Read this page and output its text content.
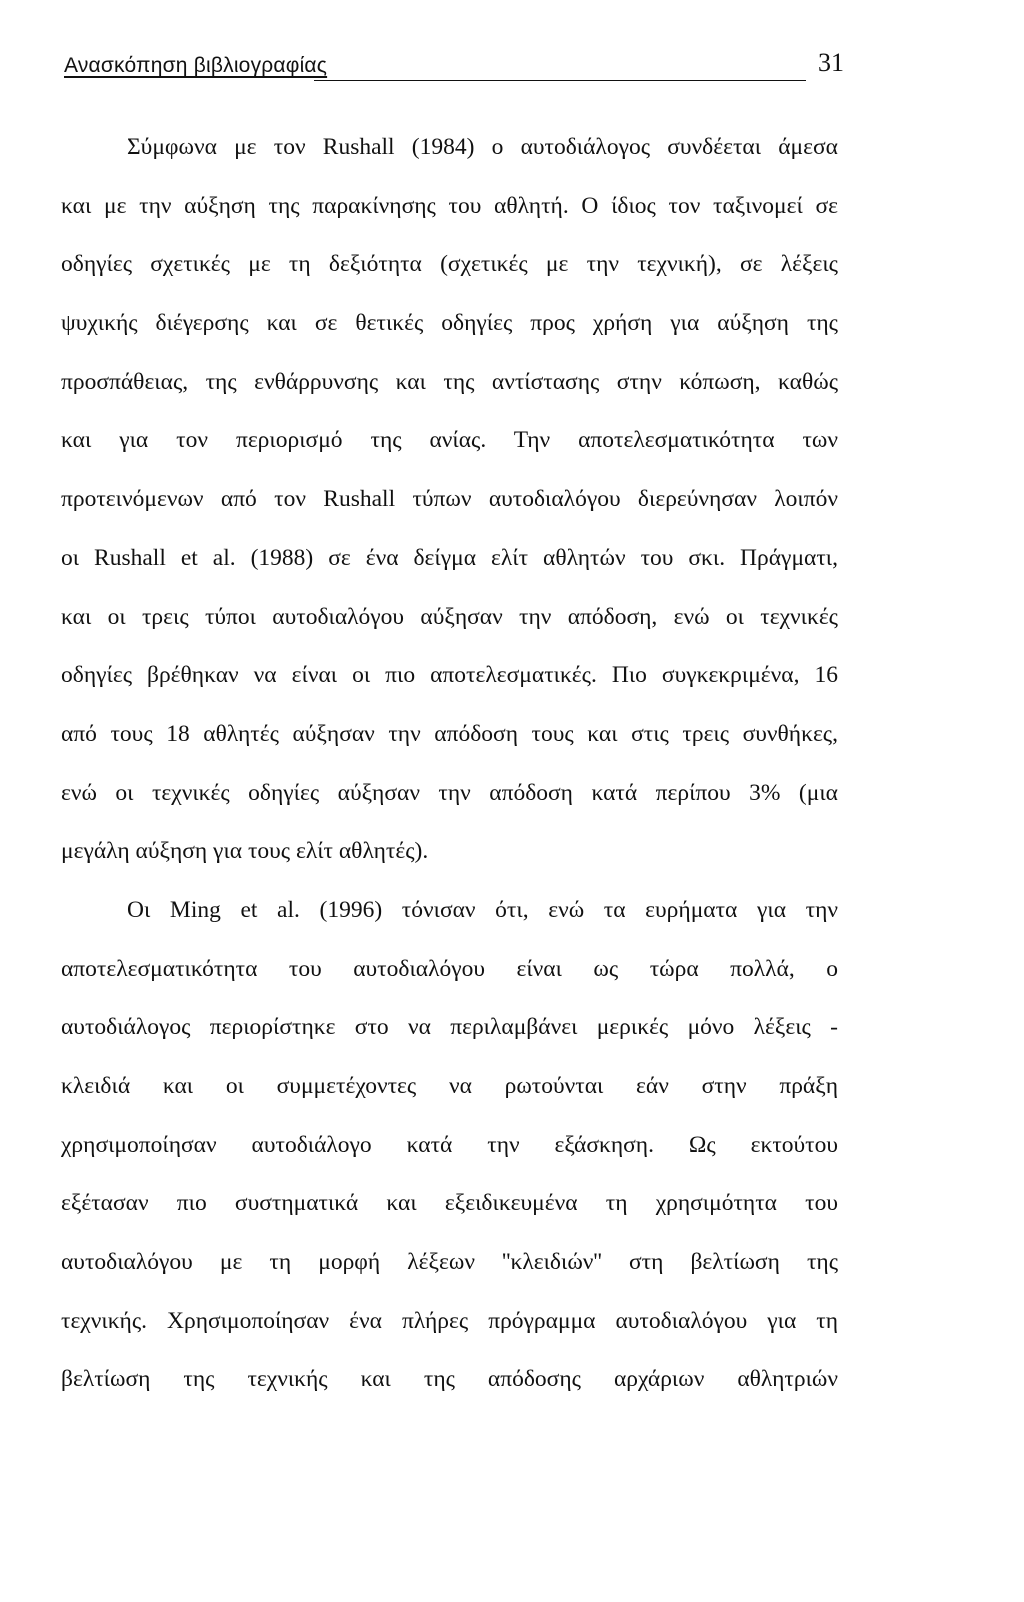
Ανασκόπηση βιβλιογραφίας	31
Σύμφωνα με τον Rushall (1984) ο αυτοδιάλογος συνδέεται άμεσα
και με την αύξηση της παρακίνησης του αθλητή. Ο ίδιος τον ταξινομεί σε
οδηγίες σχετικές με τη δεξιότητα (σχετικές με την τεχνική), σε λέξεις
ψυχικής διέγερσης και σε θετικές οδηγίες προς χρήση για αύξηση της
προσπάθειας, της ενθάρρυνσης και της αντίστασης στην κόπωση, καθώς
και για τον περιορισμό της ανίας. Την αποτελεσματικότητα των
προτεινόμενων από τον Rushall τύπων αυτοδιαλόγου διερεύνησαν λοιπόν
οι Rushall et al. (1988) σε ένα δείγμα ελίτ αθλητών του σκι. Πράγματι,
και οι τρεις τύποι αυτοδιαλόγου αύξησαν την απόδοση, ενώ οι τεχνικές
οδηγίες βρέθηκαν να είναι οι πιο αποτελεσματικές. Πιο συγκεκριμένα, 16
από τους 18 αθλητές αύξησαν την απόδοση τους και στις τρεις συνθήκες,
ενώ οι τεχνικές οδηγίες αύξησαν την απόδοση κατά περίπου 3% (μια
μεγάλη αύξηση για τους ελίτ αθλητές).
Οι Ming et al. (1996) τόνισαν ότι, ενώ τα ευρήματα για την
αποτελεσματικότητα του αυτοδιαλόγου είναι ως τώρα πολλά, ο
αυτοδιάλογος περιορίστηκε στο να περιλαμβάνει μερικές μόνο λέξεις -
κλειδιά και οι συμμετέχοντες να ρωτούνται εάν στην πράξη
χρησιμοποίησαν αυτοδιάλογο κατά την εξάσκηση. Ως εκτούτου
εξέτασαν πιο συστηματικά και εξειδικευμένα τη χρησιμότητα του
αυτοδιαλόγου με τη μορφή λέξεων ''κλειδιών'' στη βελτίωση της
τεχνικής. Χρησιμοποίησαν ένα πλήρες πρόγραμμα αυτοδιαλόγου για τη
βελτίωση της τεχνικής και της απόδοσης αρχάριων αθλητριών
